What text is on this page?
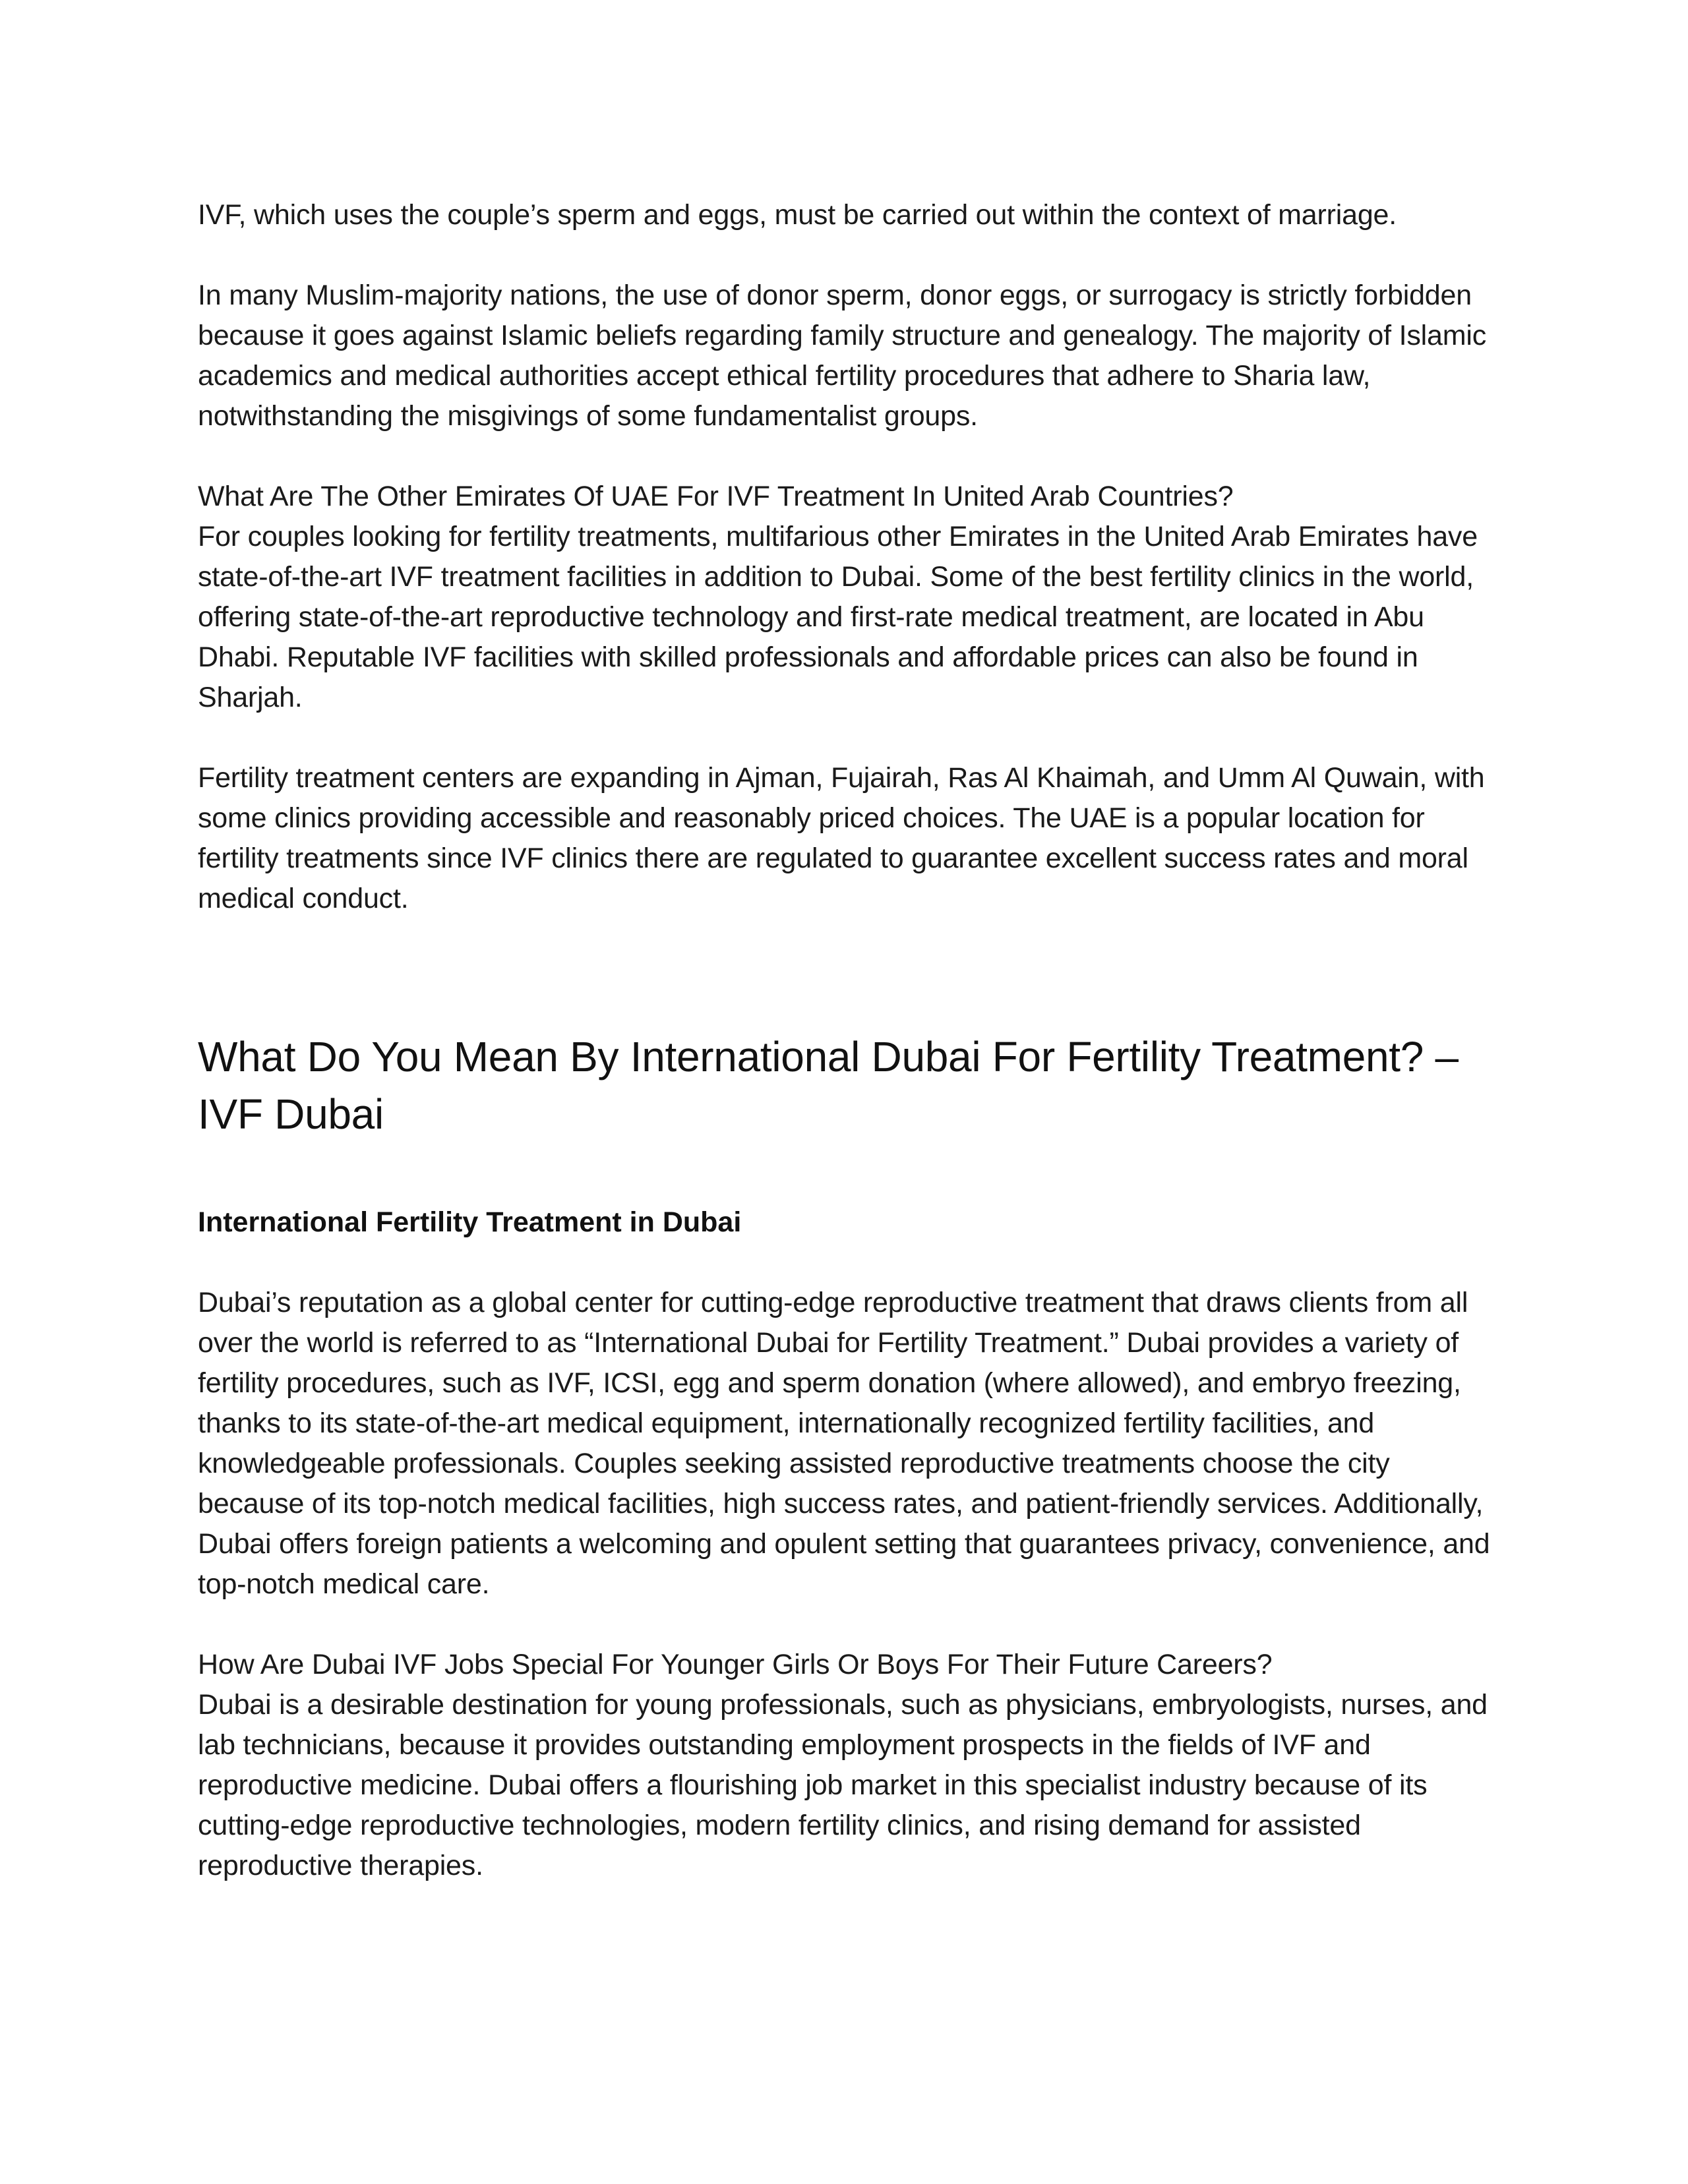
IVF, which uses the couple’s sperm and eggs, must be carried out within the context of marriage.

In many Muslim-majority nations, the use of donor sperm, donor eggs, or surrogacy is strictly forbidden because it goes against Islamic beliefs regarding family structure and genealogy. The majority of Islamic academics and medical authorities accept ethical fertility procedures that adhere to Sharia law, notwithstanding the misgivings of some fundamentalist groups.

What Are The Other Emirates Of UAE For IVF Treatment In United Arab Countries?

For couples looking for fertility treatments, multifarious other Emirates in the United Arab Emirates have state-of-the-art IVF treatment facilities in addition to Dubai. Some of the best fertility clinics in the world, offering state-of-the-art reproductive technology and first-rate medical treatment, are located in Abu Dhabi. Reputable IVF facilities with skilled professionals and affordable prices can also be found in Sharjah.

Fertility treatment centers are expanding in Ajman, Fujairah, Ras Al Khaimah, and Umm Al Quwain, with some clinics providing accessible and reasonably priced choices. The UAE is a popular location for fertility treatments since IVF clinics there are regulated to guarantee excellent success rates and moral medical conduct.

What Do You Mean By International Dubai For Fertility Treatment? – IVF Dubai
International Fertility Treatment in Dubai

Dubai’s reputation as a global center for cutting-edge reproductive treatment that draws clients from all over the world is referred to as “International Dubai for Fertility Treatment.” Dubai provides a variety of fertility procedures, such as IVF, ICSI, egg and sperm donation (where allowed), and embryo freezing, thanks to its state-of-the-art medical equipment, internationally recognized fertility facilities, and knowledgeable professionals. Couples seeking assisted reproductive treatments choose the city because of its top-notch medical facilities, high success rates, and patient-friendly services. Additionally, Dubai offers foreign patients a welcoming and opulent setting that guarantees privacy, convenience, and top-notch medical care.

How Are Dubai IVF Jobs Special For Younger Girls Or Boys For Their Future Careers?

Dubai is a desirable destination for young professionals, such as physicians, embryologists, nurses, and lab technicians, because it provides outstanding employment prospects in the fields of IVF and reproductive medicine. Dubai offers a flourishing job market in this specialist industry because of its cutting-edge reproductive technologies, modern fertility clinics, and rising demand for assisted reproductive therapies.
